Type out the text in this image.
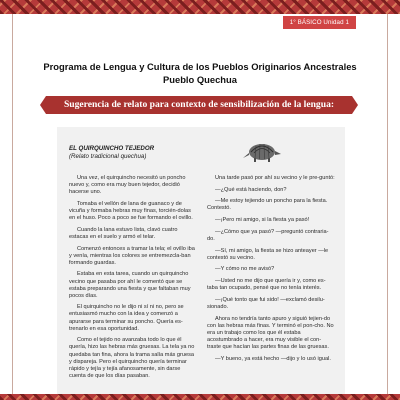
1° BÁSICO Unidad 1
Programa de Lengua y Cultura de los Pueblos Originarios Ancestrales
Pueblo Quechua
Sugerencia de relato para contexto de sensibilización de la lengua:
EL QUIRQUINCHO TEJEDOR
(Relato tradicional quechua)

Una vez, el quirquincho necesitó un poncho nuevo y, como era muy buen tejedor, decidió hacerse uno.

Tomaba el vellón de lana de guanaco y de vicuña y formaba hebras muy finas, torcién-dolas en el huso. Poco a poco se fue formando el ovillo.

Cuando la lana estuvo lista, clavó cuatro estacas en el suelo y armó el telar.

Comenzó entonces a tramar la tela; el ovillo iba y venía, mientras los colores se entremezcla-ban formando guardas.

Estaba en esta tarea, cuando un quirquincho vecino que pasaba por ahí le comentó que se estaba preparando una fiesta y que faltaban muy pocos días.

El quirquincho no le dijo ni sí ni no, pero se entusiasmó mucho con la idea y comenzó a apurarse para terminar su poncho. Quería es-trenarlo en esa oportunidad.

Como el tejido no avanzaba todo lo que él quería, hizo las hebras más gruesas. La tela ya no quedaba tan fina, ahora la trama salía más gruesa y dispareja. Pero el quirquincho quería terminar rápido y tejía y tejía afanosamente, sin darse cuenta de que los días pasaban.

Una tarde pasó por ahí su vecino y le pre-guntó:

—¿Qué está haciendo, don?

—Me estoy tejiendo un poncho para la fiesta. Contestó.

—¡Pero mi amigo, si la fiesta ya pasó!

—¿Cómo que ya pasó? —preguntó contraria-do.

—Sí, mi amigo, la fiesta se hizo anteayer —le contestó su vecino.

—Y cómo no me avisó?

—Usted no me dijo que quería ir y, como es-taba tan ocupado, pensé que no tenía interés.

—¡Qué tonto que fui sido! —exclamó desilu-sionado.

Ahora no tendría tanto apuro y siguió tejien-do con las hebras más finas. Y terminó el pon-cho. No era un trabajo como los que él estaba acostumbrado a hacer, era muy visible el con-traste que hacían las partes finas de las gruesas.

—Y bueno, ya está hecho —dijo y lo usó igual.
